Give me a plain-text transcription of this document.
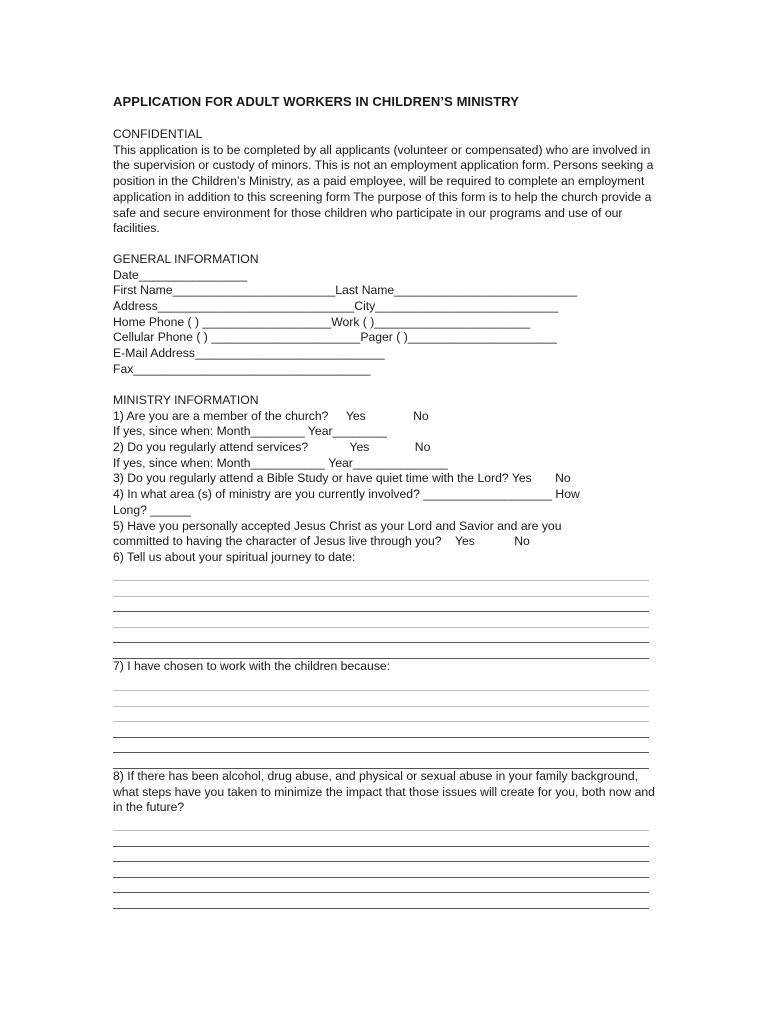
APPLICATION FOR ADULT WORKERS IN CHILDREN’S MINISTRY
CONFIDENTIAL
This application is to be completed by all applicants (volunteer or compensated) who are involved in the supervision or custody of minors. This is not an employment application form. Persons seeking a position in the Children’s Ministry, as a paid employee, will be required to complete an employment application in addition to this screening form The purpose of this form is to help the church provide a safe and secure environment for those children who participate in our programs and use of our facilities.
GENERAL INFORMATION
Date________________
First Name________________________Last Name___________________________
Address_____________________________City___________________________
Home Phone ( ) ___________________Work ( )_______________________
Cellular Phone ( ) ______________________Pager ( )______________________
E-Mail Address____________________________
Fax___________________________________
MINISTRY INFORMATION
1) Are you are a member of the church? Yes	No
If yes, since when: Month________ Year________
2) Do you regularly attend services?	Yes	No
If yes, since when: Month___________ Year______________
3) Do you regularly attend a Bible Study or have quiet time with the Lord? Yes No
4) In what area (s) of ministry are you currently involved? ___________________ How
Long? ______
5) Have you personally accepted Jesus Christ as your Lord and Savior and are you
committed to having the character of Jesus live through you? Yes	No
6) Tell us about your spiritual journey to date:
7) I have chosen to work with the children because:
8) If there has been alcohol, drug abuse, and physical or sexual abuse in your family background, what steps have you taken to minimize the impact that those issues will create for you, both now and in the future?
